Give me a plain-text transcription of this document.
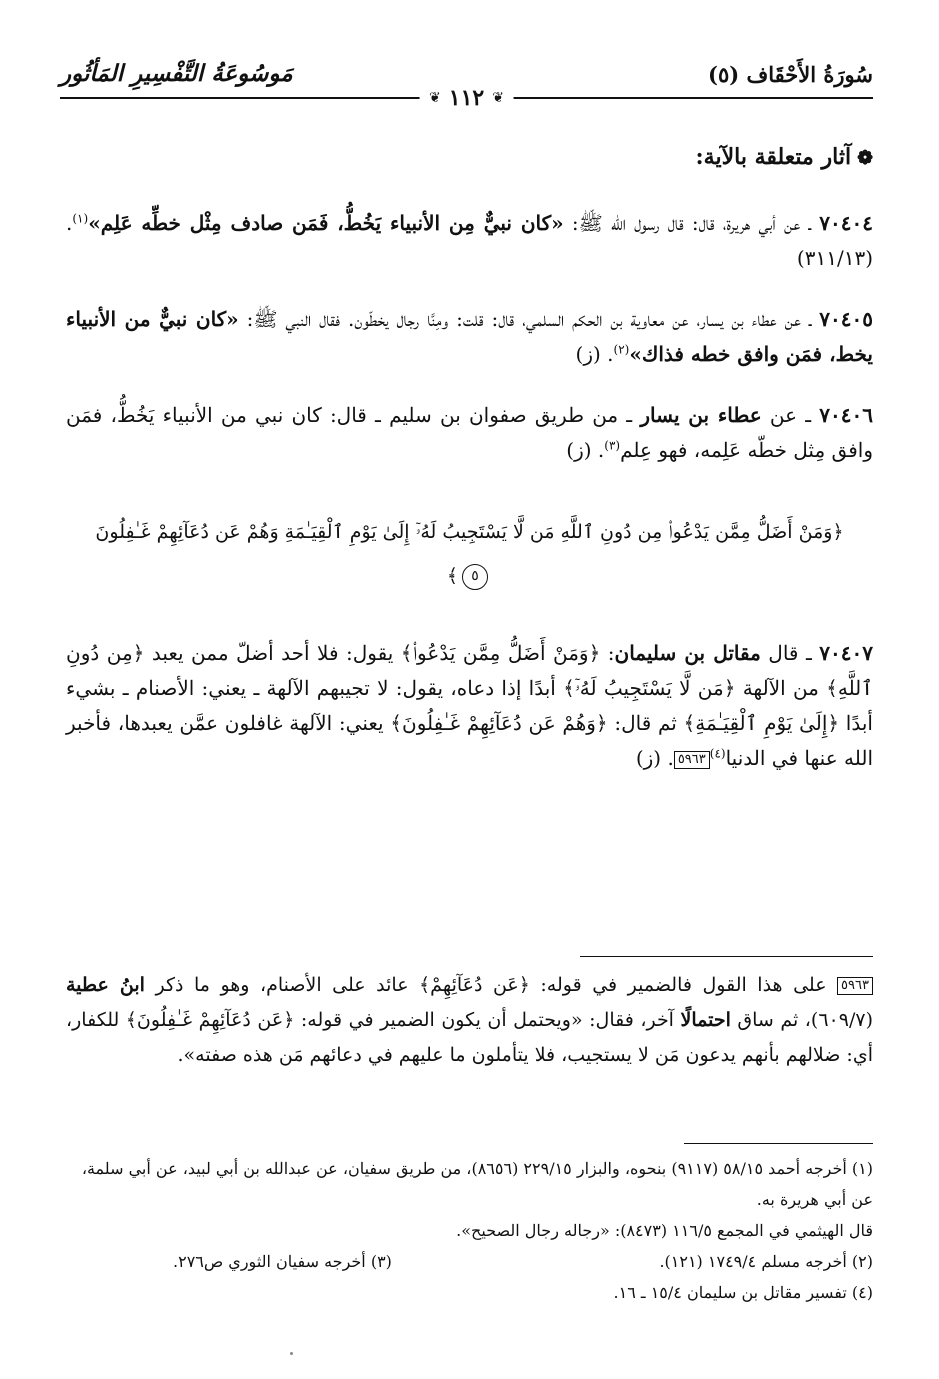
سُورَةُ الأَحْقَاف (٥)
مَوسُوعَةُ التَّفْسِيرِ المَأثُور
❦ ١١٢ ❦
❁آثار متعلقة بالآية:

٧٠٤٠٤ ـ عن أبي هريرة، قال: قال رسول الله ﷺ: «كان نبيٌّ مِن الأنبياء يَخُطُّ، فَمَن صادف مِثْل خطِّه عَلِم»$^{(١)}$. (٣١١/١٣)

٧٠٤٠٥ ـ عن عطاء بن يسار، عن معاوية بن الحكم السلمي، قال: قلت: ومِنَّا رجال يخطّون. فقال النبي ﷺ: «كان نبيٌّ من الأنبياء يخط، فمَن وافق خطه فذاك»$^{(٢)}$. (ز)

٧٠٤٠٦ ـ عن عطاء بن يسار ـ من طريق صفوان بن سليم ـ قال: كان نبي من الأنبياء يَخُطُّ، فمَن وافق مِثل خطّه عَلِمه، فهو عِلم$^{(٣)}$. (ز)

﴿وَمَنْ أَضَلُّ مِمَّن يَدْعُوا۟ مِن دُونِ ٱللَّهِ مَن لَّا يَسْتَجِيبُ لَهُۥٓ إِلَىٰ يَوْمِ ٱلْقِيَـٰمَةِ وَهُمْ عَن دُعَآئِهِمْ غَـٰفِلُونَ ٥﴾

٧٠٤٠٧ ـ قال مقاتل بن سليمان: ﴿وَمَنْ أَضَلُّ مِمَّن يَدْعُوا۟﴾ يقول: فلا أحد أضلّ ممن يعبد ﴿مِن دُونِ ٱللَّهِ﴾ من الآلهة ﴿مَن لَّا يَسْتَجِيبُ لَهُۥٓ﴾ أبدًا إذا دعاه، يقول: لا تجيبهم الآلهة ـ يعني: الأصنام ـ بشيء أبدًا ﴿إِلَىٰ يَوْمِ ٱلْقِيَـٰمَةِ﴾ ثم قال: ﴿وَهُمْ عَن دُعَآئِهِمْ غَـٰفِلُونَ﴾ يعني: الآلهة غافلون عمَّن يعبدها، فأخبر الله عنها في الدنيا$^{(٤)}$٥٩٦٣. (ز)

٥٩٦٣ على هذا القول فالضمير في قوله: ﴿عَن دُعَآئِهِمْ﴾ عائد على الأصنام، وهو ما ذكر ابنُ عطية (٦٠٩/٧)، ثم ساق احتمالًا آخر، فقال: «ويحتمل أن يكون الضمير في قوله: ﴿عَن دُعَآئِهِمْ غَـٰفِلُونَ﴾ للكفار، أي: ضلالهم بأنهم يدعون مَن لا يستجيب، فلا يتأملون ما عليهم في دعائهم مَن هذه صفته».

(١) أخرجه أحمد ٥٨/١٥ (٩١١٧) بنحوه، والبزار ٢٢٩/١٥ (٨٦٥٦)، من طريق سفيان، عن عبدالله بن أبي لبيد، عن أبي سلمة، عن أبي هريرة به.

قال الهيثمي في المجمع ١١٦/٥ (٨٤٧٣): «رجاله رجال الصحيح».

(٢) أخرجه مسلم ١٧٤٩/٤ (١٢١).
(٣) أخرجه سفيان الثوري ص٢٧٦.

(٤) تفسير مقاتل بن سليمان ١٥/٤ ـ ١٦.
